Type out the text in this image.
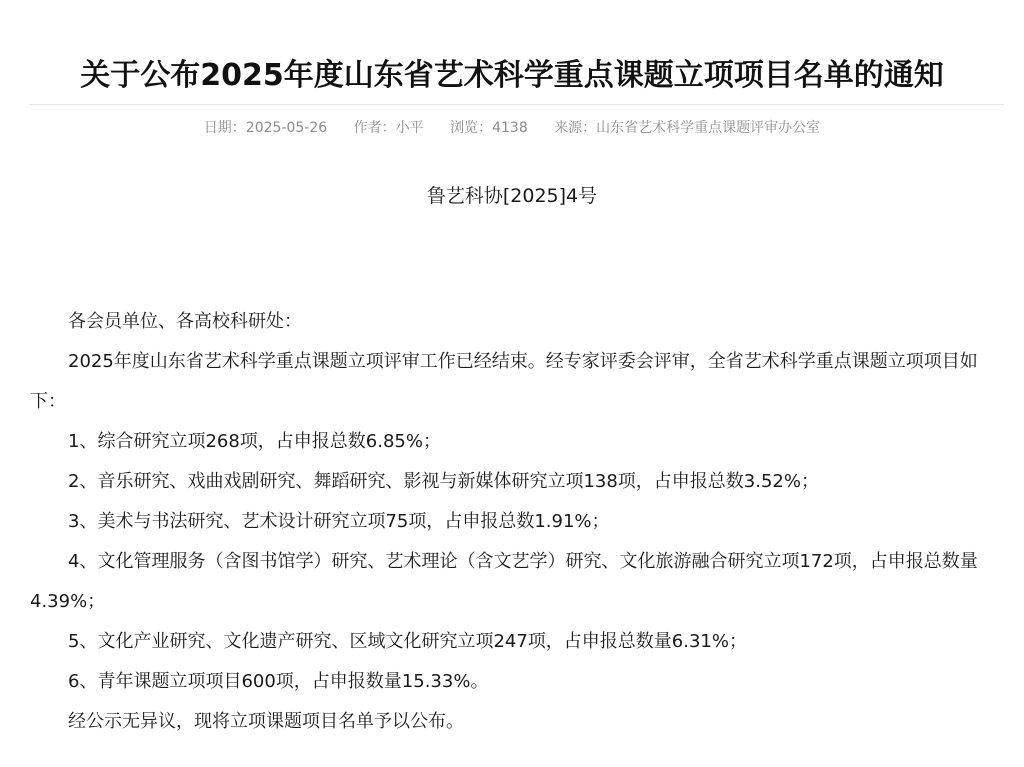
关于公布2025年度山东省艺术科学重点课题立项项目名单的通知
日期：2025-05-26 作者：小平 浏览：4138 来源：山东省艺术科学重点课题评审办公室
鲁艺科协[2025]4号

各会员单位、各高校科研处：

2025年度山东省艺术科学重点课题立项评审工作已经结束。经专家评委会评审，全省艺术科学重点课题立项项目如下：

1、综合研究立项268项，占申报总数6.85%；

2、音乐研究、戏曲戏剧研究、舞蹈研究、影视与新媒体研究立项138项，占申报总数3.52%；

3、美术与书法研究、艺术设计研究立项75项，占申报总数1.91%；

4、文化管理服务（含图书馆学）研究、艺术理论（含文艺学）研究、文化旅游融合研究立项172项，占申报总数量4.39%；

5、文化产业研究、文化遗产研究、区域文化研究立项247项，占申报总数量6.31%；

6、青年课题立项项目600项，占申报数量15.33%。

经公示无异议，现将立项课题项目名单予以公布。
